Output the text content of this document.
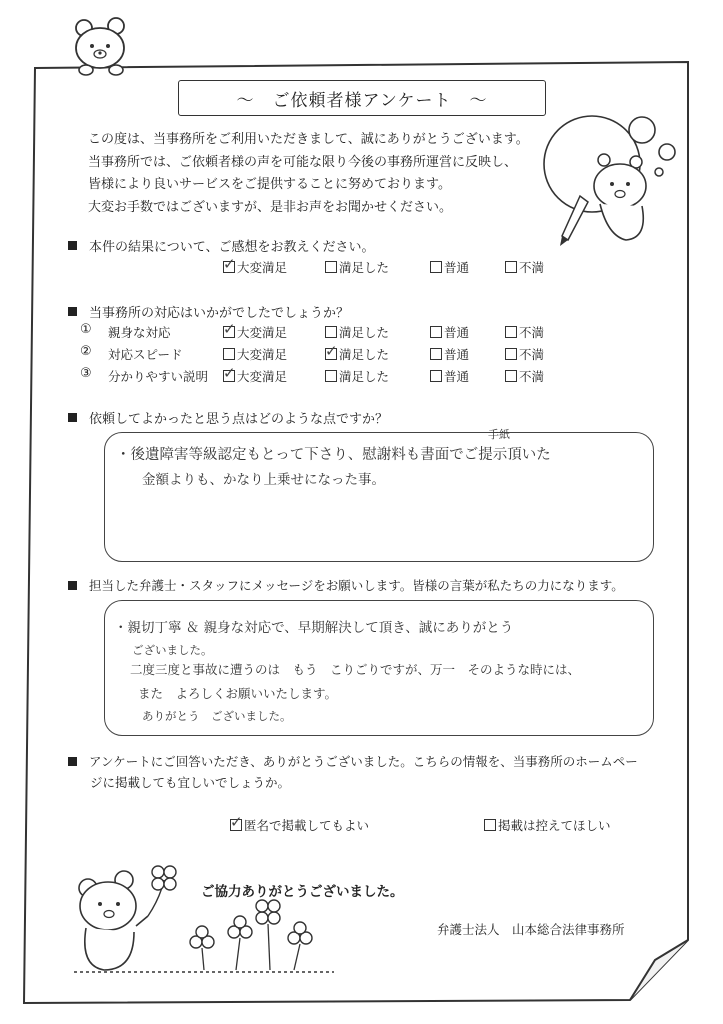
～　ご依頼者様アンケート　～
この度は、当事務所をご利用いただきまして、誠にありがとうございます。
当事務所では、ご依頼者様の声を可能な限り今後の事務所運営に反映し、
皆様により良いサービスをご提供することに努めております。
大変お手数ではございますが、是非お声をお聞かせください。
本件の結果について、ご感想をお教えください。
✓ 大変満足	満足した	普通	不満
当事務所の対応はいかがでしたでしょうか？
① 親身な対応	✓ 大変満足	満足した	普通	不満
② 対応スピード	大変満足	✓ 満足した	普通	不満
③ 分かりやすい説明 ✓ 大変満足	満足した	普通	不満
依頼してよかったと思う点はどのような点ですか？
手紙
・後遺障害等級認定もとって下さり、慰謝料も書面でご提示頂いた
金額よりも、かなり上乗せになった事。
担当した弁護士・スタッフにメッセージをお願いします。皆様の言葉が私たちの力になります。
・親切丁寧 ＆ 親身な対応で、早期解決して頂き、誠にありがとう
ございました。
二度三度と事故に遭うのは　もう　こりごりですが、万一　そのような時には、
また　よろしくお願いいたします。
ありがとう　ございました。
アンケートにご回答いただき、ありがとうございました。こちらの情報を、当事務所のホームペー
ジに掲載しても宜しいでしょうか。
✓ 匿名で掲載してもよい	掲載は控えてほしい
ご協力ありがとうございました。
弁護士法人　山本総合法律事務所
